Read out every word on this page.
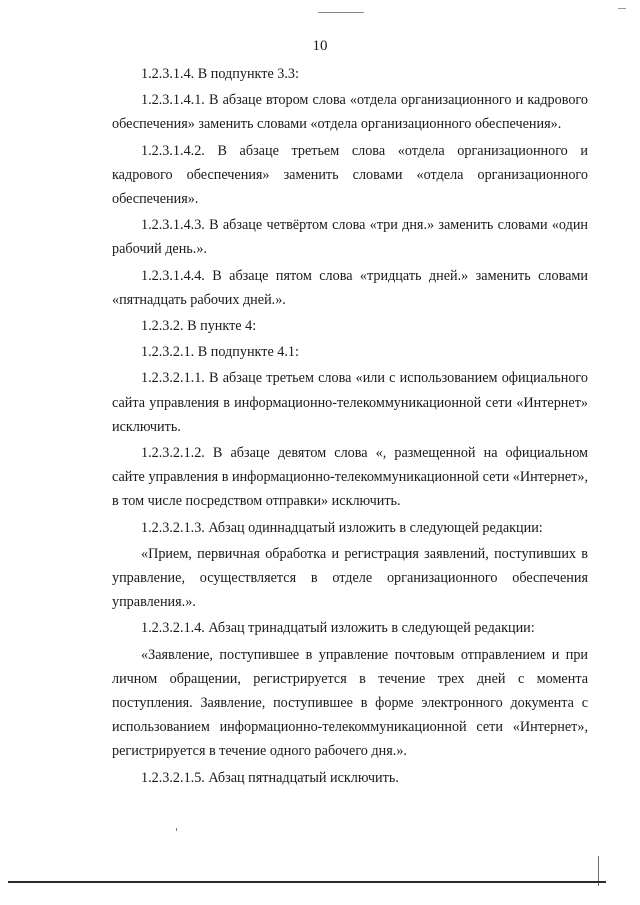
10

1.2.3.1.4. В подпункте 3.3:

1.2.3.1.4.1. В абзаце втором слова «отдела организационного и кадрового обеспечения» заменить словами «отдела организационного обеспечения».

1.2.3.1.4.2. В абзаце третьем слова «отдела организационного и кадрового обеспечения» заменить словами «отдела организационного обеспечения».

1.2.3.1.4.3. В абзаце четвёртом слова «три дня.» заменить словами «один рабочий день.».

1.2.3.1.4.4. В абзаце пятом слова «тридцать дней.» заменить словами «пятнадцать рабочих дней.».

1.2.3.2. В пункте 4:

1.2.3.2.1. В подпункте 4.1:

1.2.3.2.1.1. В абзаце третьем слова «или с использованием официального сайта управления в информационно-телекоммуникационной сети «Интернет» исключить.

1.2.3.2.1.2. В абзаце девятом слова «, размещенной на официальном сайте управления в информационно-телекоммуникационной сети «Интернет», в том числе посредством отправки» исключить.

1.2.3.2.1.3. Абзац одиннадцатый изложить в следующей редакции:

«Прием, первичная обработка и регистрация заявлений, поступивших в управление, осуществляется в отделе организационного обеспечения управления.».

1.2.3.2.1.4. Абзац тринадцатый изложить в следующей редакции:

«Заявление, поступившее в управление почтовым отправлением и при личном обращении, регистрируется в течение трех дней с момента поступления. Заявление, поступившее в форме электронного документа с использованием информационно-телекоммуникационной сети «Интернет», регистрируется в течение одного рабочего дня.».

1.2.3.2.1.5. Абзац пятнадцатый исключить.
